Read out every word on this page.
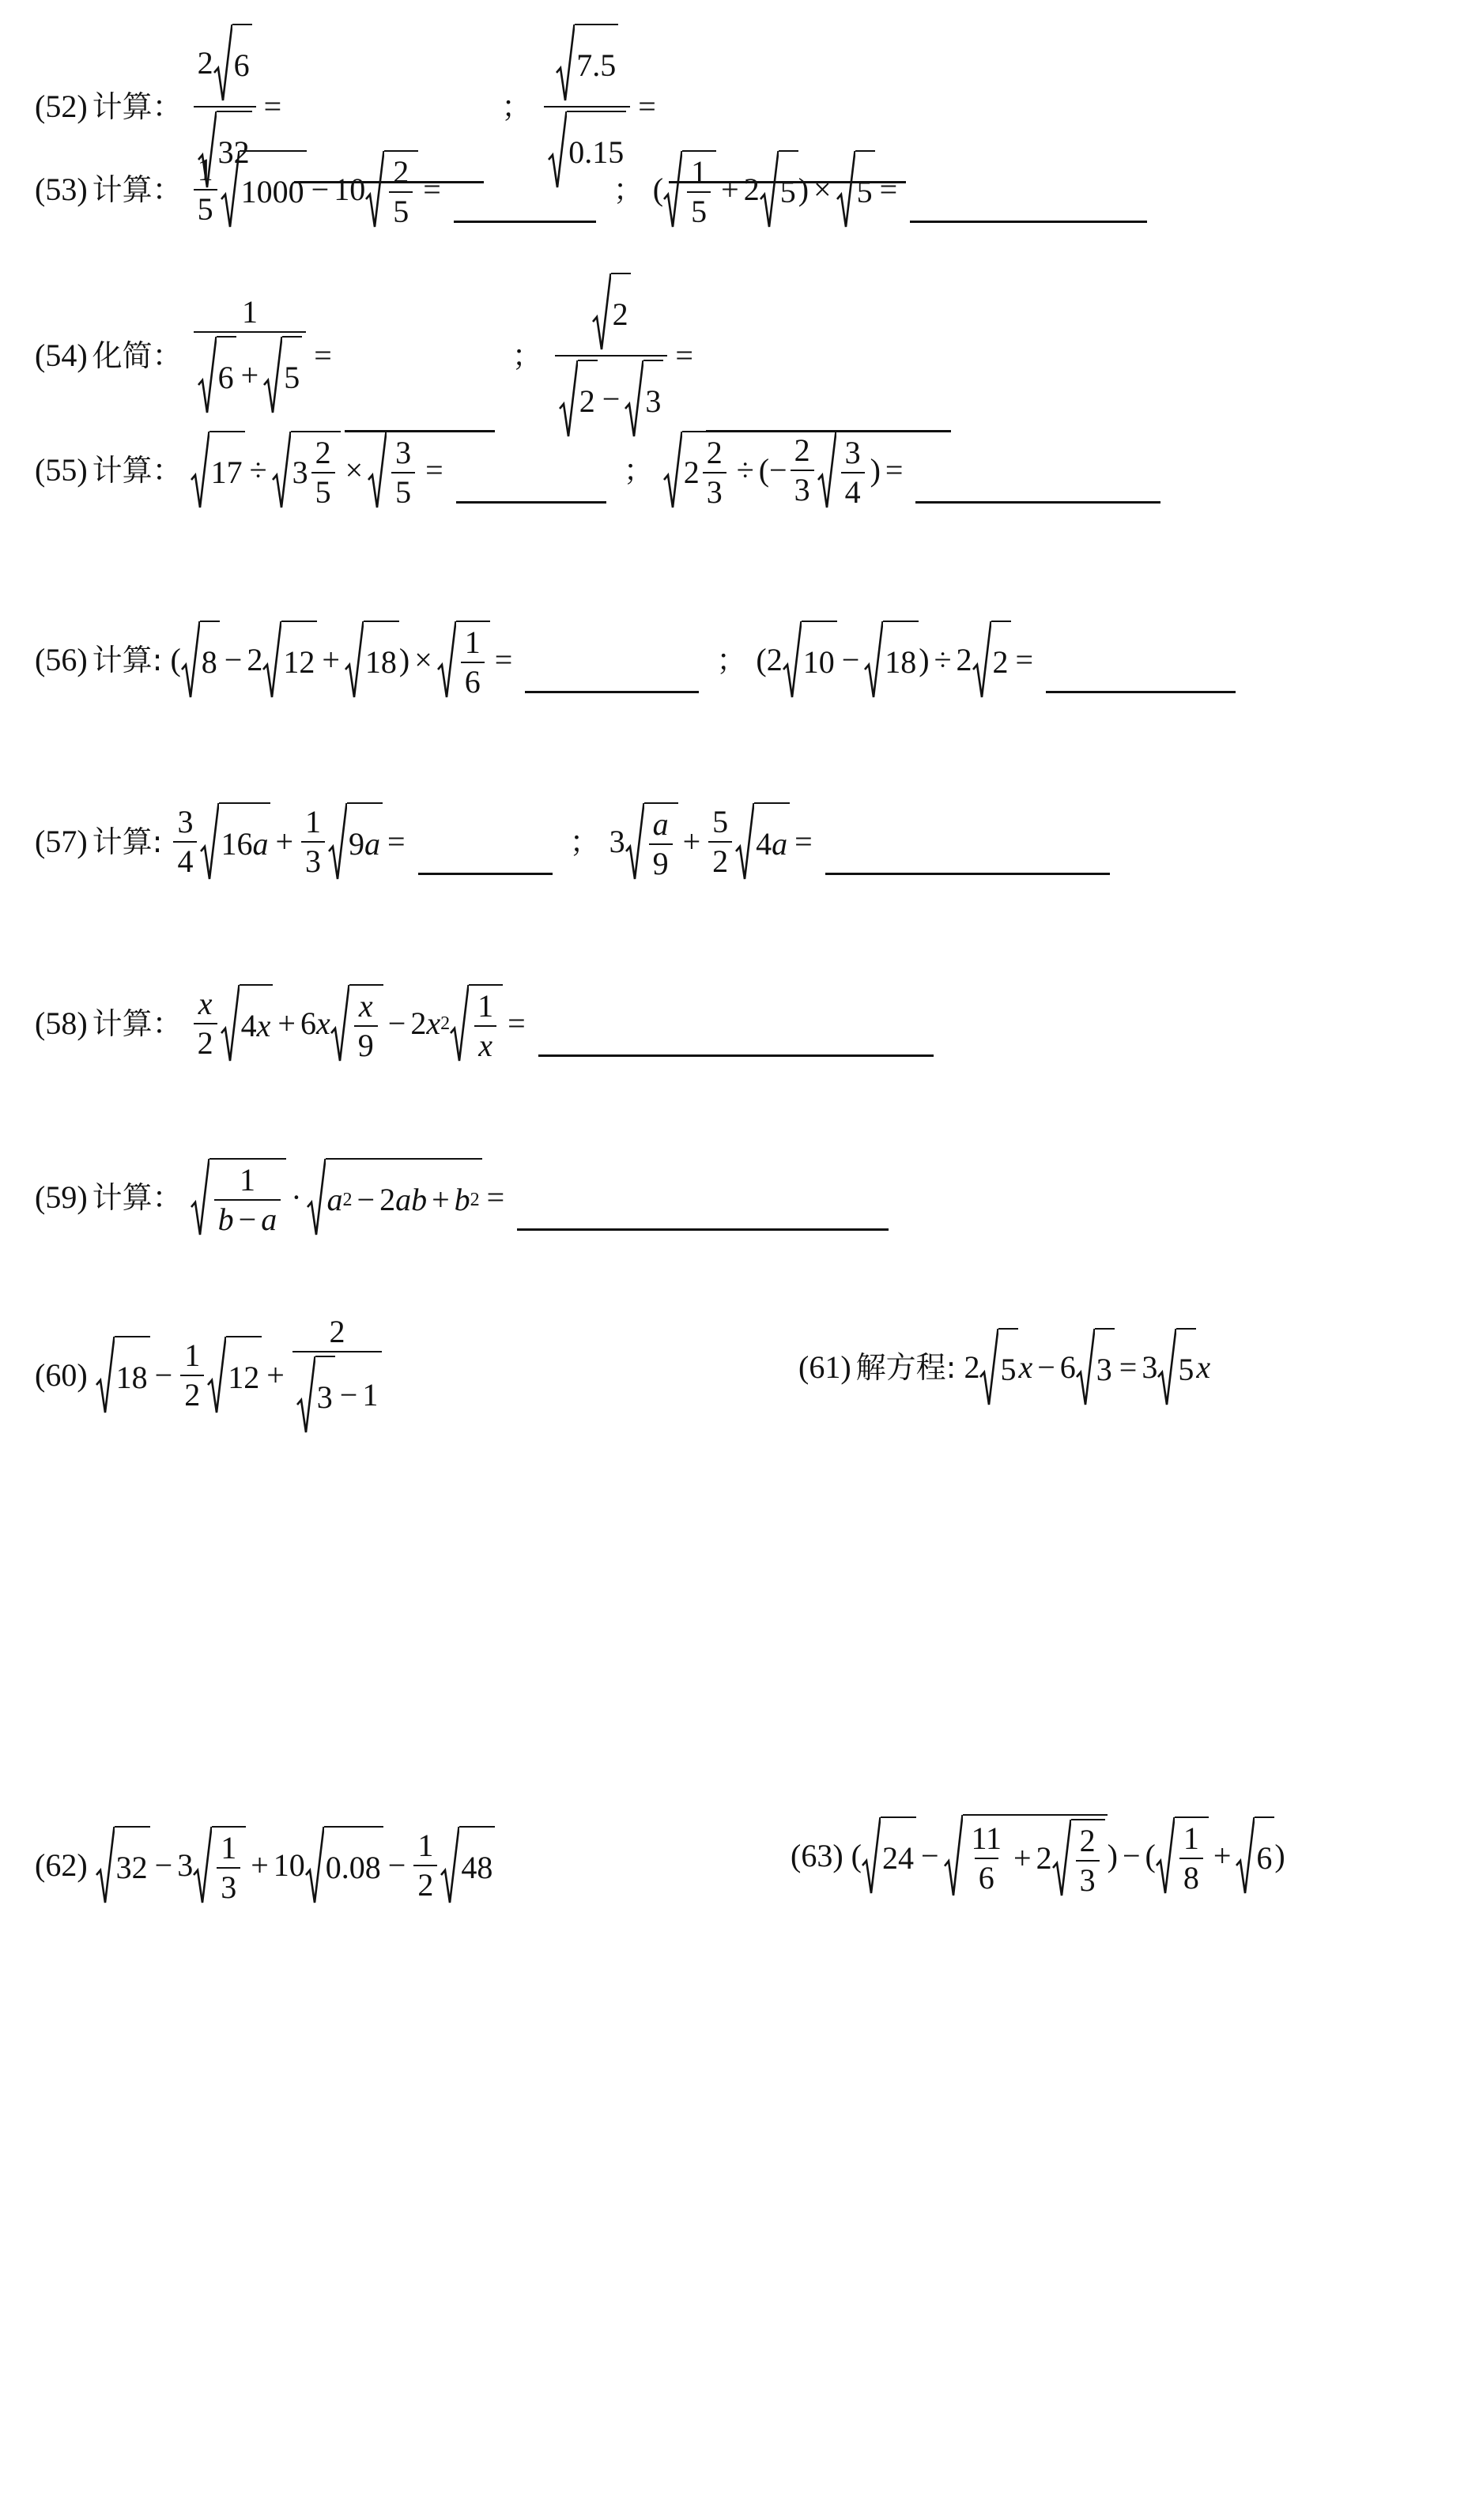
(52) 计算： $\frac{2 6}{32}$ =	； $\frac{7.5}{0.15}$ =
(53) 计算： $\frac{1}{5} 1000 - 10 \frac{2}{5}$ =	； ( $\frac{1}{5} + 2$ 5 ) × 5 =
(54) 化简： $\frac{1}{6 + 5}$ =	； $\frac{2}{2 - 3}$ =
(55) 计算： $17 \div 3 \frac{2}{5} \times \frac{3}{5}$ =	； $2 \frac{2}{3}$ ÷ (− $\frac{2}{3} \frac{3}{4}$ ) =
(56) 计算: ( 8 − 2 12 + 18 ) × $\frac{1}{6}$ =	； (2 10 − 18 ) ÷ 2 2 =
(57) 计算: $\frac{3}{4} 16$ $a + \frac{1}{3} 9$ a =	； $3 \frac{a}{9} + \frac{5}{2} 4$ a =
(58) 计算： $\frac{x}{2} 4$ x + 6 x $\frac{x}{9} - 2$ x $2 \frac{1}{x}$ =
(59) 计算： $\frac{1}{b - a} \cdot a$ 2 − 2 ab + b 2 =
(60) $18 - \frac{1}{2} 12 + \frac{2}{3 - 1}$	(61) 解方程: 2 5 x − 6 3 = 3 5 x
(62) $32 - 3 \frac{1}{3} + 10$ $0.08 - \frac{1}{2} 48$	(63) ( $24 - \frac{11}{6} + 2 \frac{2}{3}$ ) − ( $\frac{1}{8} + 6$ )
